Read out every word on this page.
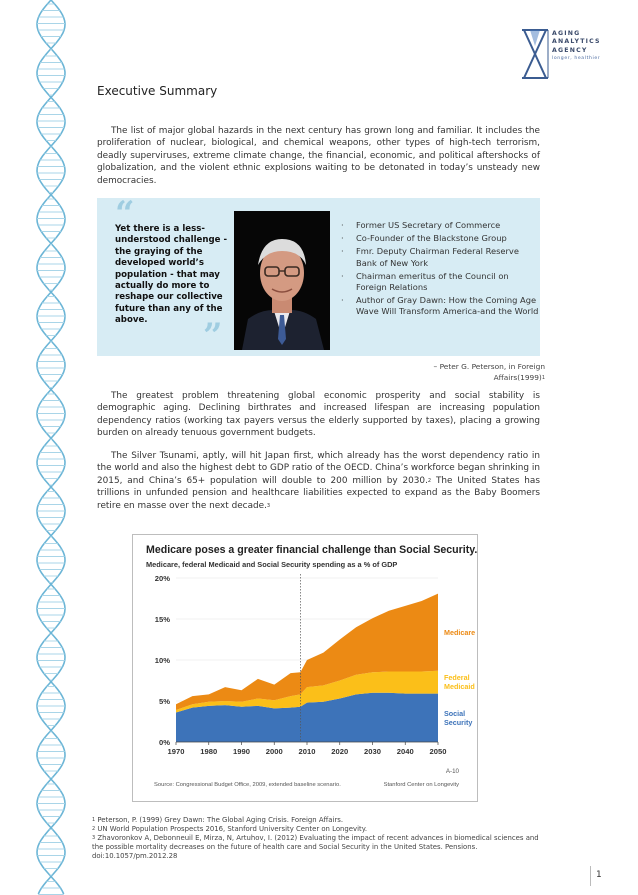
AGING
ANALYTICS
AGENCY
longer, healthier
Executive Summary

The list of major global hazards in the next century has grown long and familiar. It includes the proliferation of nuclear, biological, and chemical weapons, other types of high-tech terrorism, deadly superviruses, extreme climate change, the financial, economic, and political aftershocks of globalization, and the violent ethnic explosions waiting to be detonated in today’s unsteady new democracies.

“
Yet there is a less-understood challenge - the graying of the developed world’s population - that may actually do more to reshape our collective future than any of the above.	”
· Former US Secretary of Commerce
· Co-Founder of the Blackstone Group
· Fmr. Deputy Chairman Federal Reserve Bank of New York
· Chairman emeritus of the Council on Foreign Relations
· Author of Gray Dawn: How the Coming Age Wave Will Transform America-and the World
– Peter G. Peterson, in Foreign
$Affairs(1999)^1$

The greatest problem threatening global economic prosperity and social stability is demographic aging. Declining birthrates and increased lifespan are increasing population dependency ratios (working tax payers versus the elderly supported by taxes), placing a growing burden on already tenuous government budgets.

The Silver Tsunami, aptly, will hit Japan first, which already has the worst dependency ratio in the world and also the highest debt to GDP ratio of the OECD. China’s workforce began shrinking in 2015, and China’s 65+ population will double to 200 million by 2030.$^2$ The United States has trillions in unfunded pension and healthcare liabilities expected to expand as the Baby Boomers retire en masse over the next decade.$^3$

Medicare poses a greater financial challenge than Social Security.
Medicare, federal Medicaid and Social Security spending as a % of GDP
0%
5%
10%
15%
20%
Social
Security
Federal
Medicaid
Medicare
1970 1980 1990 2000 2010 2020 2030 2040 2050
A-10
Source: Congressional Budget Office, 2009, extended baseline scenario.	Stanford Center on Longevity
$^1$ Peterson, P. (1999) Grey Dawn: The Global Aging Crisis. Foreign Affairs.
$^2$ UN World Population Prospects 2016, Stanford University Center on Longevity.
$^3$ Zhavoronkov A, Debonneuil E, Mirza, N, Artuhov, I. (2012) Evaluating the impact of recent advances in biomedical sciences and the possible mortality decreases on the future of health care and Social Security in the United States. Pensions. doi:10.1057/pm.2012.28
1
